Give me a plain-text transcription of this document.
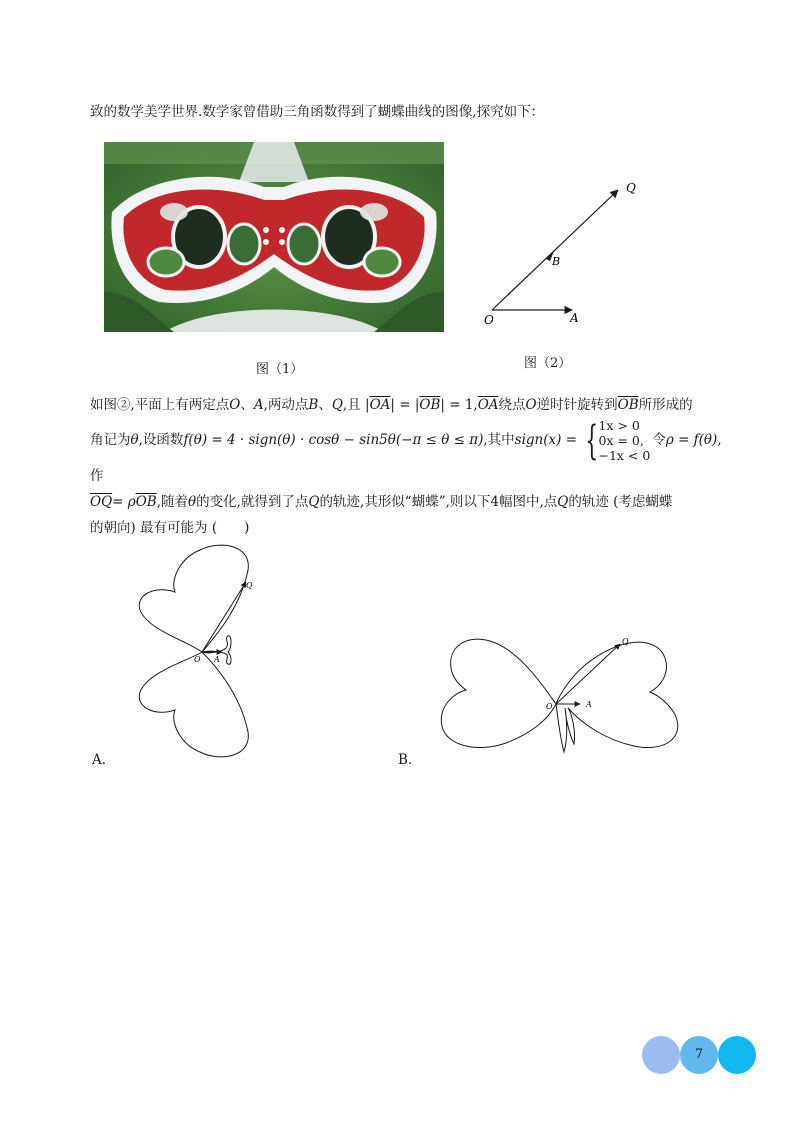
致的数学美学世界.数学家曾借助三角函数得到了蝴蝶曲线的图像,探究如下：

O	A
B
Q
图（1）	图（2）
如图②,平面上有两定点O、A,两动点B、Q,且 $|\overline{OA}| = |\overline{OB}| = 1,\overline{OA}$绕点O逆时针旋转到$\overline{OB}$所形成的
角记为θ,设函数f(θ) = 4 · sign(θ) · cosθ − sin5θ(−π ≤ θ ≤ π),其中sign(x) = {1x > 0
0x = 0,
−1x < 0令ρ = f(θ),作
$\overline{OQ}= \rho\overline{OB}$,随着θ的变化,就得到了点Q的轨迹,其形似“蝴蝶”,则以下4幅图中,点Q的轨迹 (考虑蝴蝶
的朝向) 最有可能为 (　　)
O A
Q
A.
O	A
Q
B.
7
